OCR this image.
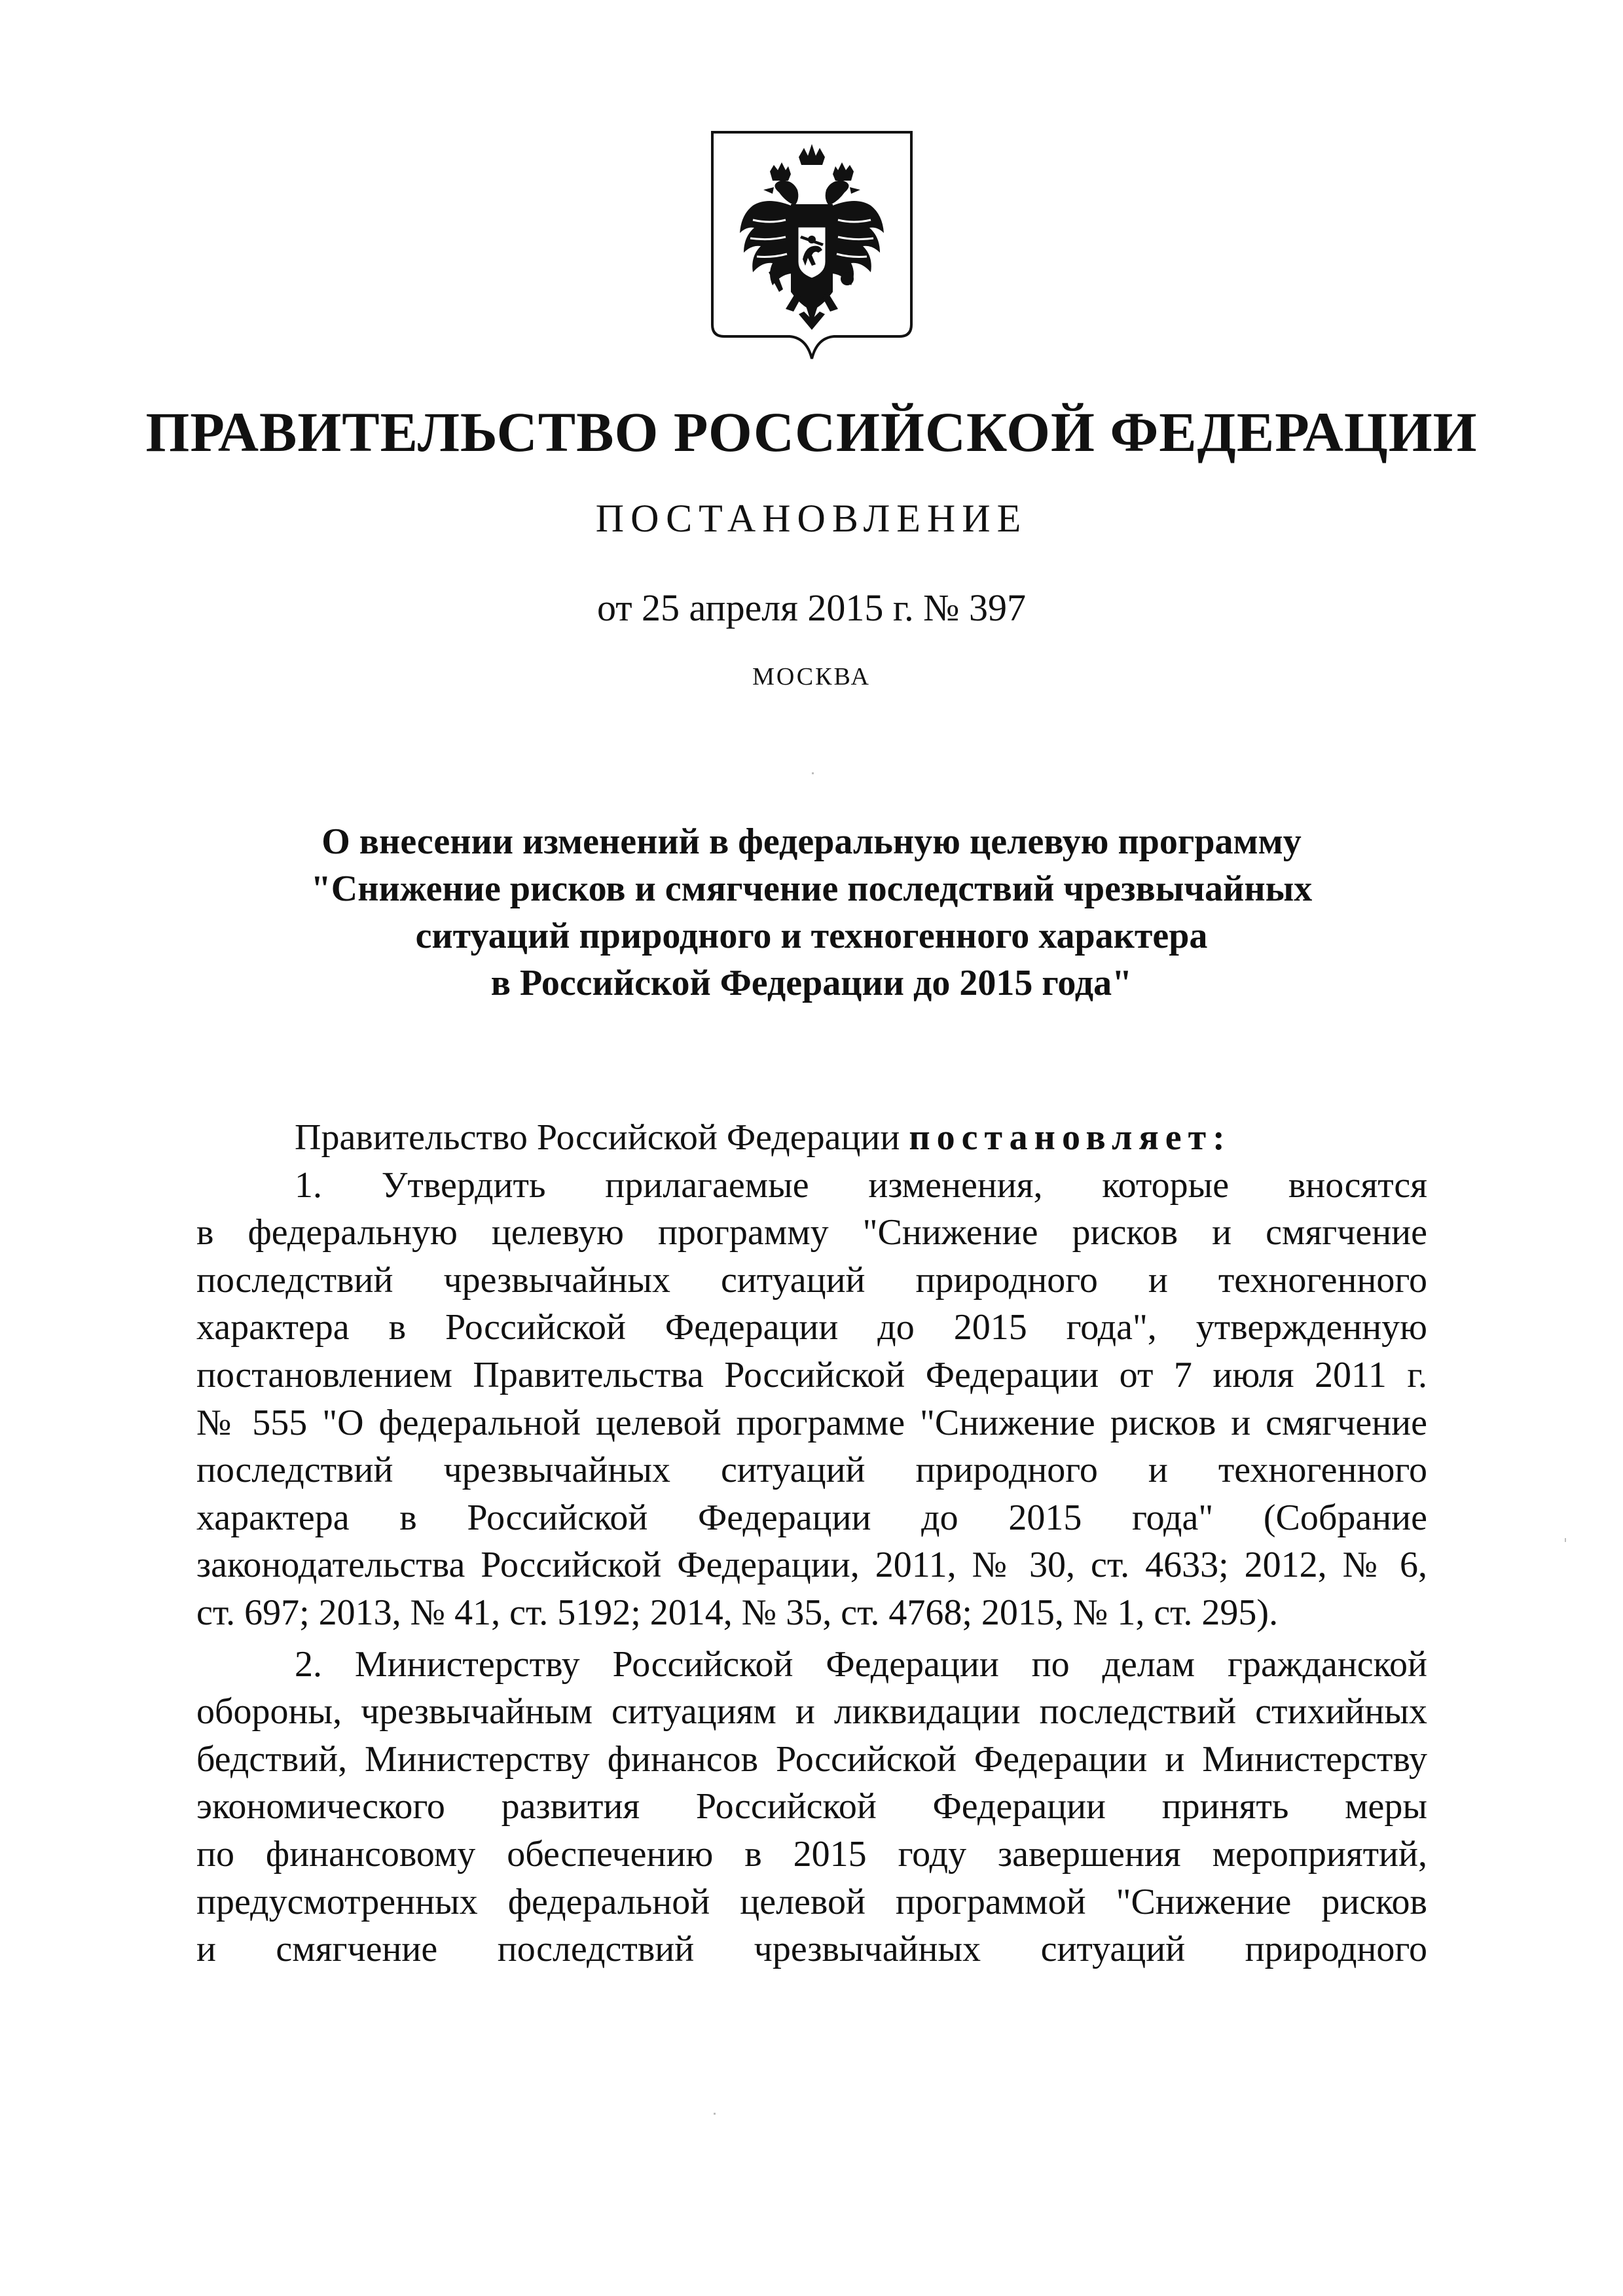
ПРАВИТЕЛЬСТВО РОССИЙСКОЙ ФЕДЕРАЦИИ
ПОСТАНОВЛЕНИЕ
от 25 апреля 2015 г. № 397
МОСКВА
О внесении изменений в федеральную целевую программу
"Снижение рисков и смягчение последствий чрезвычайных
ситуаций природного и техногенного характера
в Российской Федерации до 2015 года"
Правительство Российской Федерации постановляет:
1. Утвердить прилагаемые изменения, которые вносятся
в федеральную целевую программу "Снижение рисков и смягчение
последствий чрезвычайных ситуаций природного и техногенного
характера в Российской Федерации до 2015 года", утвержденную
постановлением Правительства Российской Федерации от 7 июля 2011 г.
№ 555 "О федеральной целевой программе "Снижение рисков и смягчение
последствий чрезвычайных ситуаций природного и техногенного
характера в Российской Федерации до 2015 года" (Собрание
законодательства Российской Федерации, 2011, № 30, ст. 4633; 2012, № 6,
ст. 697; 2013, № 41, ст. 5192; 2014, № 35, ст. 4768; 2015, № 1, ст. 295).
2. Министерству Российской Федерации по делам гражданской
обороны, чрезвычайным ситуациям и ликвидации последствий стихийных
бедствий, Министерству финансов Российской Федерации и Министерству
экономического развития Российской Федерации принять меры
по финансовому обеспечению в 2015 году завершения мероприятий,
предусмотренных федеральной целевой программой "Снижение рисков
и смягчение последствий чрезвычайных ситуаций природного
